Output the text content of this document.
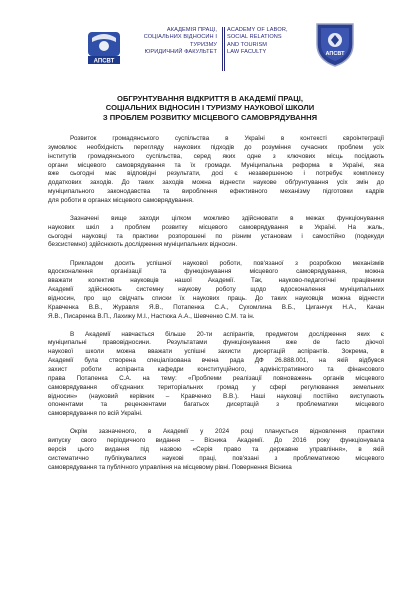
АПСВТ
АКАДЕМІЯ ПРАЦІ,
СОЦІАЛЬНИХ ВІДНОСИН І
ТУРИЗМУ
ЮРИДИЧНИЙ ФАКУЛЬТЕТ
ACADEMY OF LABOR,
SOCIAL RELATIONS
AND TOURISM
LAW FACULTY	АПСВТ
ОБГРУНТУВАННЯ ВІДКРИТТЯ В АКАДЕМІЇ ПРАЦІ,
СОЦІАЛЬНИХ ВІДНОСИН І ТУРИЗМУ НАУКОВОЇ ШКОЛИ
З ПРОБЛЕМ РОЗВИТКУ МІСЦЕВОГО САМОВРЯДУВАННЯ
Розвиток громадянського суспільства в Україні в контексті євроінтеграції
зумовлює необхідність перегляду наукових підходів до розуміння сучасних проблем усіх
інститутів громадянського суспільства, серед яких одне з ключових місць посідають
органи місцевого самоврядування та їх громади. Муніципальна реформа в Україні, яка
вже сьогодні має відповідні результати, досі є незавершеною і потребує комплексу
додаткових заходів. До таких заходів можна віднести наукове обґрунтування усіх змін до
муніципального законодавства та вироблення ефективного механізму підготовки кадрів
для роботи в органах місцевого самоврядування.
Зазначені вище заходи цілком можливо здійснювати в межах функціонування
наукових шкіл з проблем розвитку місцевого самоврядування в Україні. На жаль,
сьогодні науковці та практики розпорошені по різним установам і самостійно (подекуди
безсистемно) здійснюють дослідження муніципальних відносин.
Прикладом досить успішної наукової роботи, пов'язаної з розробкою механізмів
вдосконалення організації та функціонування місцевого самоврядування, можна
вважати колектив науковців нашої Академії. Так, науково-педагогічні працівники
Академії здійснюють системну наукову роботу щодо вдосконалення муніципальних
відносин, про що свідчать списки їх наукових праць. До таких науковців можна віднести
Кравченка В.В., Журавля Я.В., Потапенка С.А., Сухомлина В.Б., Циганчук Н.А., Качан
Я.В., Писаренка В.П., Лахижу М.І., Настюка А.А., Шевченко С.М. та ін.
В Академії навчається більше 20-ти аспірантів, предметом дослідження яких є
муніципальні правовідносини. Результатами функціонування вже de facto діючої
наукової школи можна вважати успішні захисти дисертацій аспірантів. Зокрема, в
Академії була створена спеціалізована вчена рада ДФ 26.888.001, на якій відбувся
захист роботи аспіранта кафедри конституційного, адміністративного та фінансового
права Потапенка С.А. на тему: «Проблеми реалізації повноважень органів місцевого
самоврядування об'єднаних територіальних громад у сфері регулювання земельних
відносин» (науковий керівник – Кравченко В.В.). Наші науковці постійно виступають
опонентами та рецензентами багатьох дисертацій з проблематики місцевого
самоврядування по всій Україні.
Окрім зазначеного, в Академії у 2024 році планується відновлення практики
випуску свого періодичного видання – Вісника Академії. До 2016 року функціонувала
версія цього видання під назвою «Серія право та державне управління», в якій
систематично публікувалися наукові праці, пов'язані з проблематикою місцевого
самоврядування та публічного управління на місцевому рівні. Повернення Вісника
